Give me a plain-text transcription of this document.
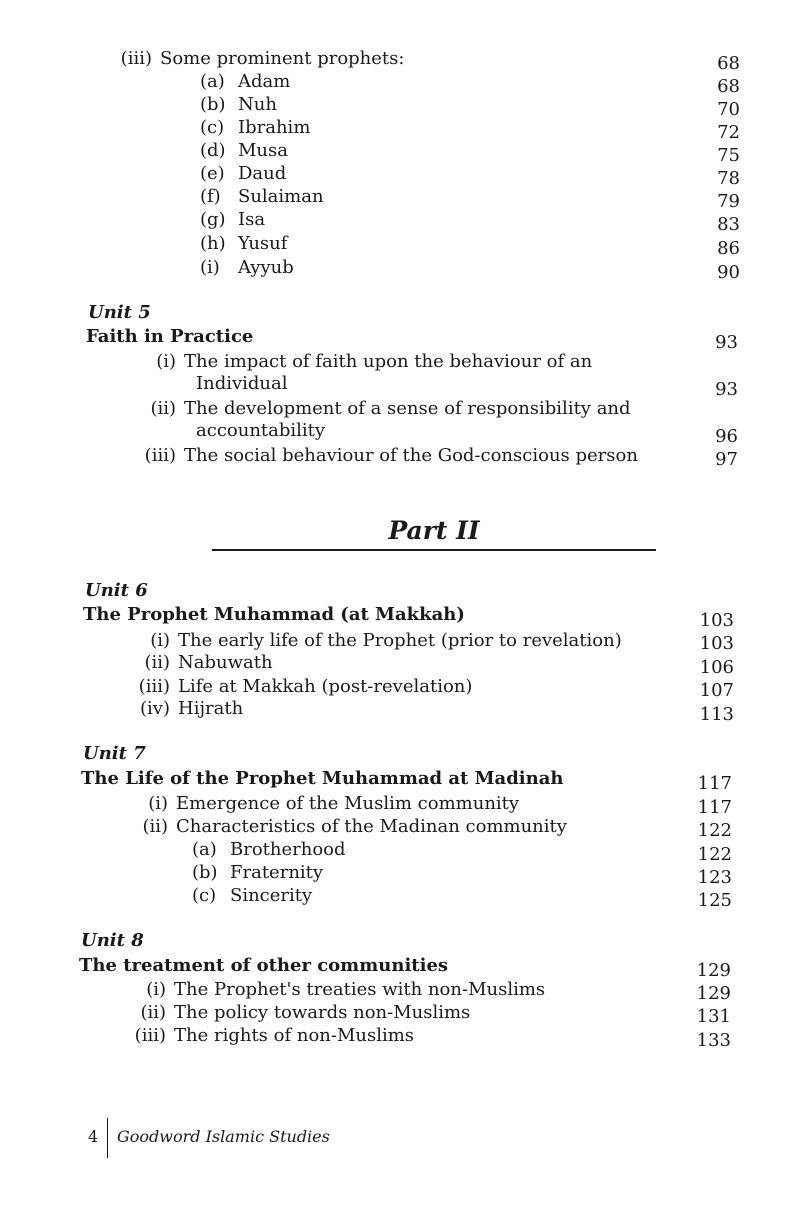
(iii) Some prominent prophets:	68
(a) Adam	68
(b) Nuh	70
(c) Ibrahim	72
(d) Musa	75
(e) Daud	78
(f) Sulaiman	79
(g) Isa	83
(h) Yusuf	86
(i) Ayyub	90
Unit 5
Faith in Practice	93
(i) The impact of faith upon the behaviour of an
Individual	93
(ii) The development of a sense of responsibility and
accountability	96
(iii) The social behaviour of the God-conscious person	97
Part II
Unit 6
The Prophet Muhammad (at Makkah)	103
(i) The early life of the Prophet (prior to revelation)	103
(ii) Nabuwath	106
(iii) Life at Makkah (post-revelation)	107
(iv) Hijrath	113
Unit 7
The Life of the Prophet Muhammad at Madinah	117
(i) Emergence of the Muslim community	117
(ii) Characteristics of the Madinan community	122
(a) Brotherhood	122
(b) Fraternity	123
(c) Sincerity	125
Unit 8
The treatment of other communities	129
(i) The Prophet's treaties with non-Muslims	129
(ii) The policy towards non-Muslims	131
(iii) The rights of non-Muslims	133
4 Goodword Islamic Studies
